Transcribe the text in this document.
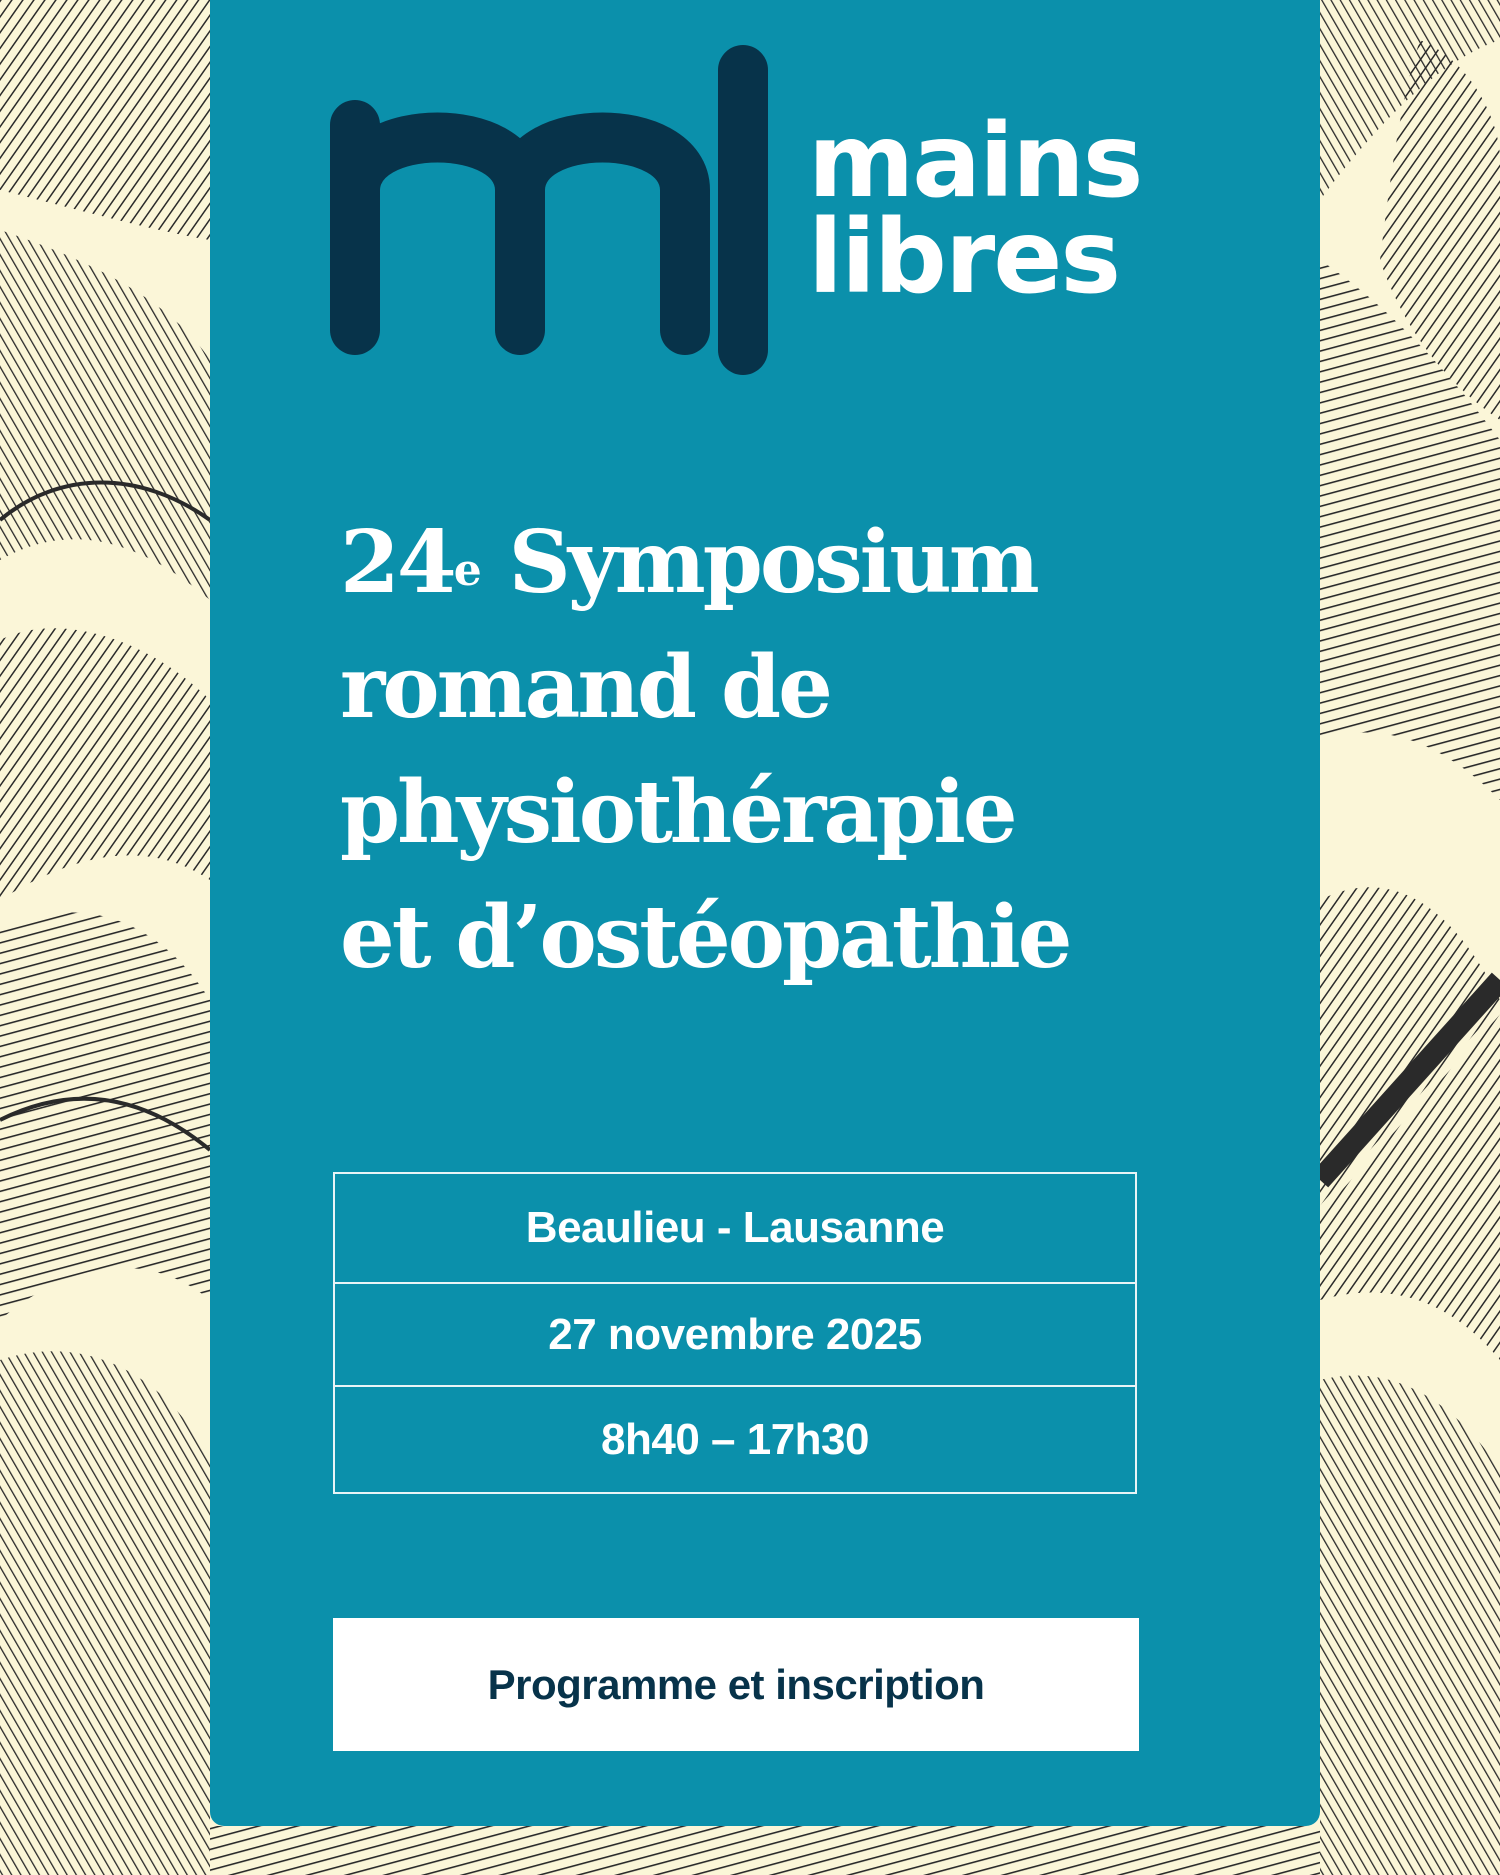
mains
libres
24e Symposium
romand de
physiothérapie
et d’ostéopathie
Beaulieu - Lausanne
27 novembre 2025
8h40 – 17h30
Programme et inscription
